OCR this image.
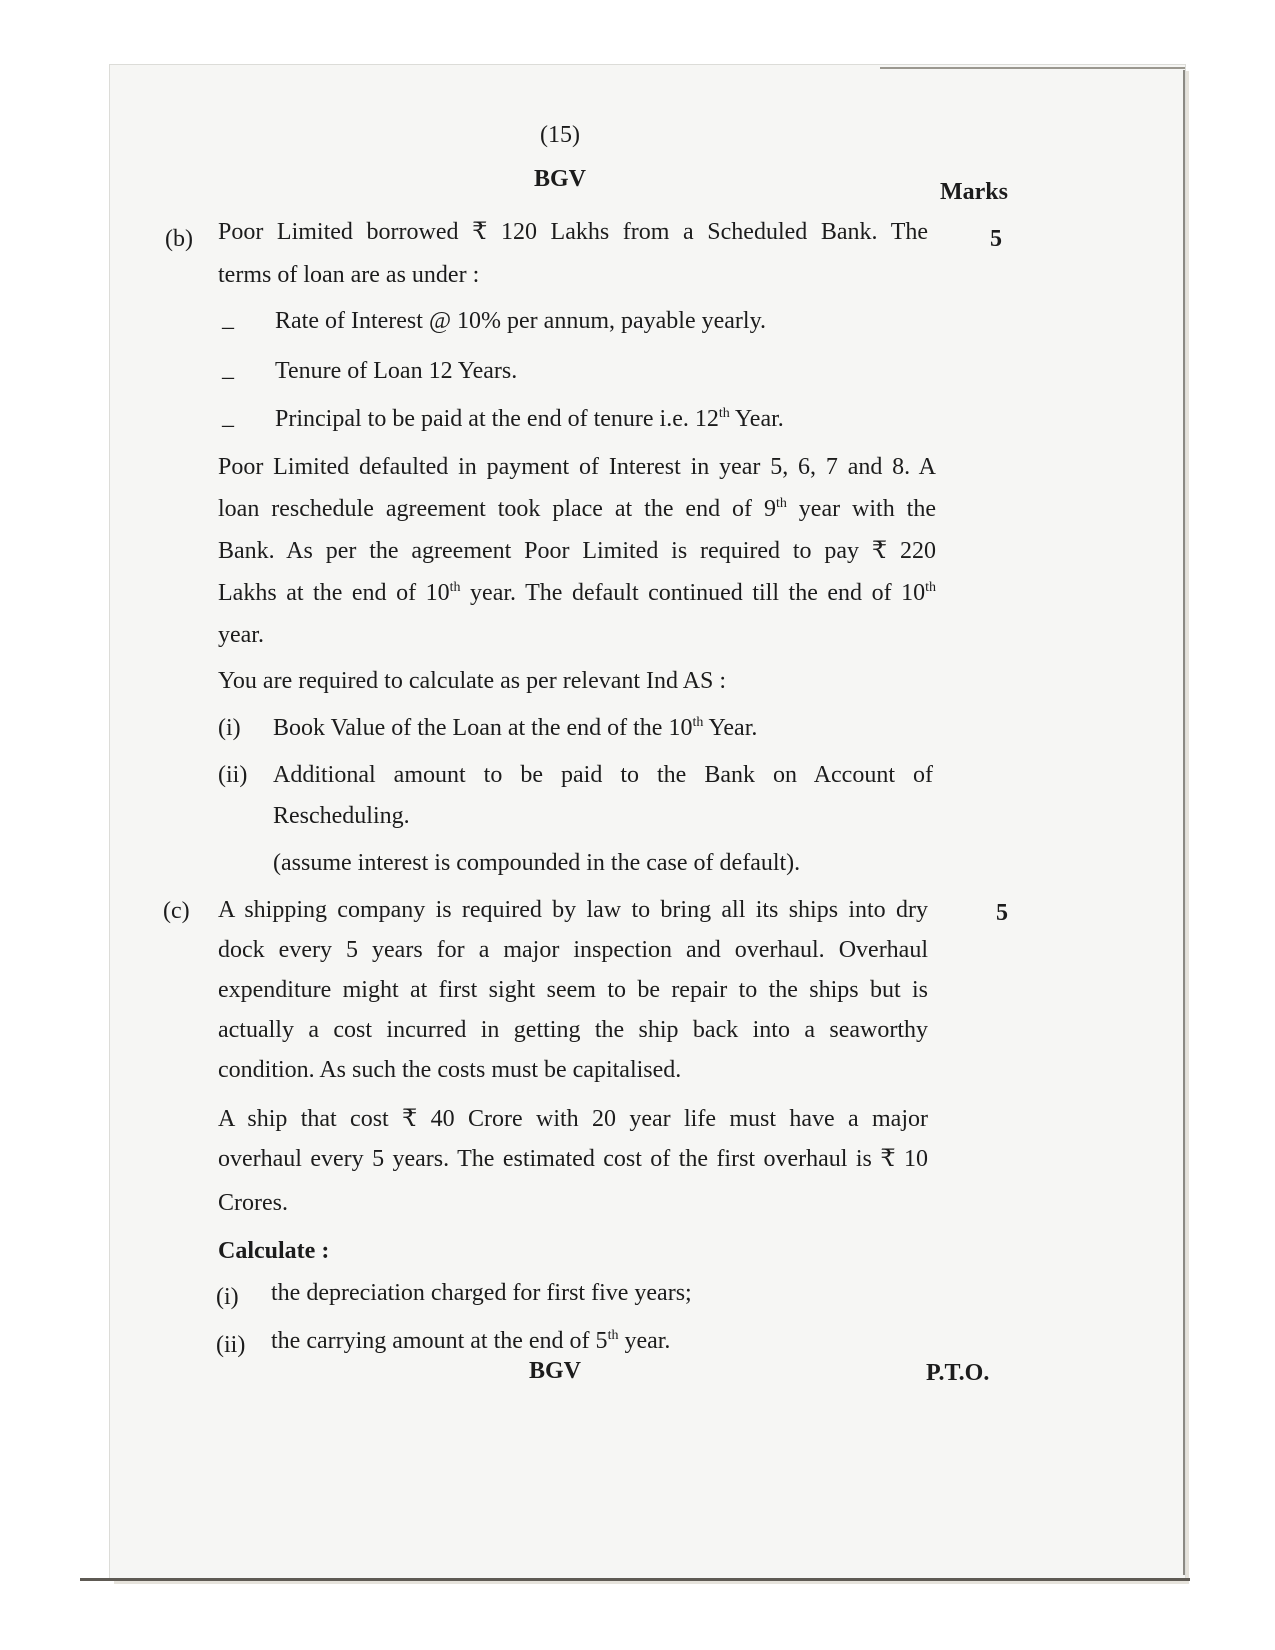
(15)
BGV	Marks
(b)	5
Poor Limited borrowed ₹ 120 Lakhs from a Scheduled Bank. The
terms of loan are as under :
– Rate of Interest @ 10% per annum, payable yearly.
– Tenure of Loan 12 Years.
– Principal to be paid at the end of tenure i.e. 12th Year.
Poor Limited defaulted in payment of Interest in year 5, 6, 7 and 8. A
loan reschedule agreement took place at the end of 9th year with the
Bank. As per the agreement Poor Limited is required to pay ₹ 220
Lakhs at the end of 10th year. The default continued till the end of 10th
year.
You are required to calculate as per relevant Ind AS :
(i) Book Value of the Loan at the end of the 10th Year.
(ii) Additional amount to be paid to the Bank on Account of
Rescheduling.
(assume interest is compounded in the case of default).
(c)	5
A shipping company is required by law to bring all its ships into dry
dock every 5 years for a major inspection and overhaul. Overhaul
expenditure might at first sight seem to be repair to the ships but is
actually a cost incurred in getting the ship back into a seaworthy
condition. As such the costs must be capitalised.
A ship that cost ₹ 40 Crore with 20 year life must have a major
overhaul every 5 years. The estimated cost of the first overhaul is ₹ 10
Crores.
Calculate :
(i) the depreciation charged for first five years;
(ii) the carrying amount at the end of 5th year.
BGV	P.T.O.
